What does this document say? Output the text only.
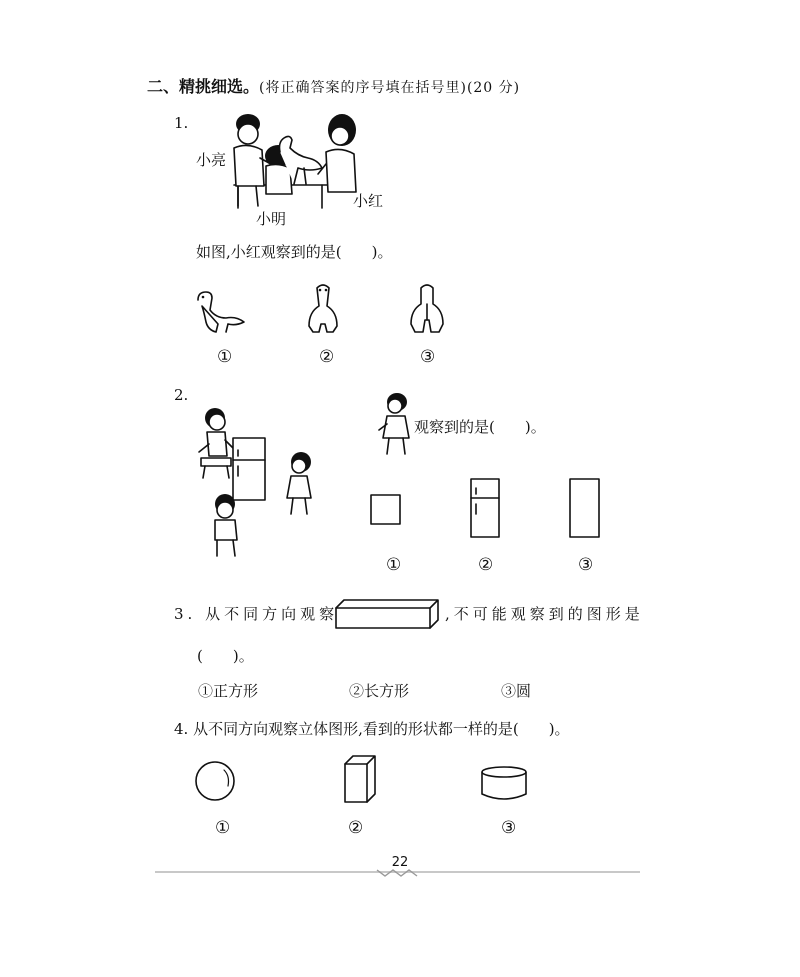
二、精挑细选。(将正确答案的序号填在括号里)(20 分)
1.
小亮
小明
小红
如图,小红观察到的是(　　)。
①	②	③
2.
观察到的是(　　)。
①	②	③
3. 从不同方向观察	,不可能观察到的图形是
(　　)。
①正方形	②长方形	③圆
4. 从不同方向观察立体图形,看到的形状都一样的是(　　)。
①	②	③
22
